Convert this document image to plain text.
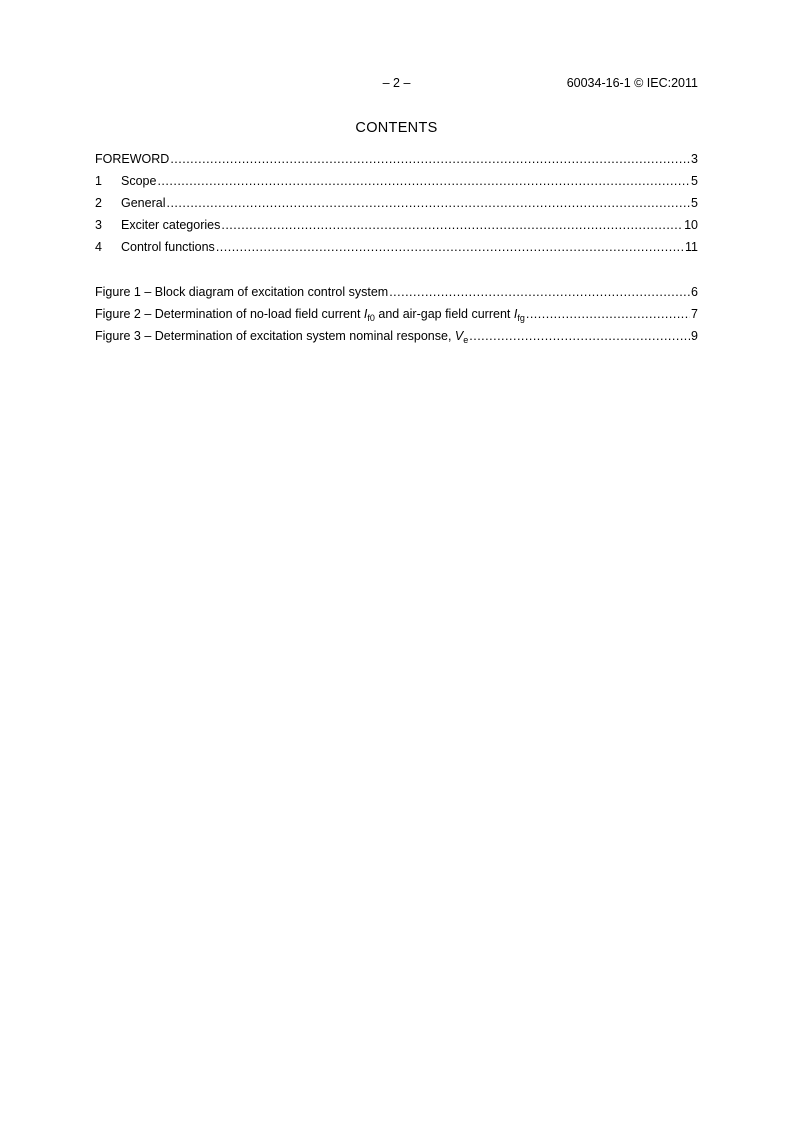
– 2 –	60034-16-1 © IEC:2011
CONTENTS
FOREWORD .....	3
1	Scope .....	5
2	General .....	5
3	Exciter categories .....	10
4	Control functions .....	11
Figure 1 – Block diagram of excitation control system .....	6
Figure 2 – Determination of no-load field current $I_{f0}$ and air-gap field current $I_{fg}$ .....	7
Figure 3 – Determination of excitation system nominal response, $V_e$ .....	9
